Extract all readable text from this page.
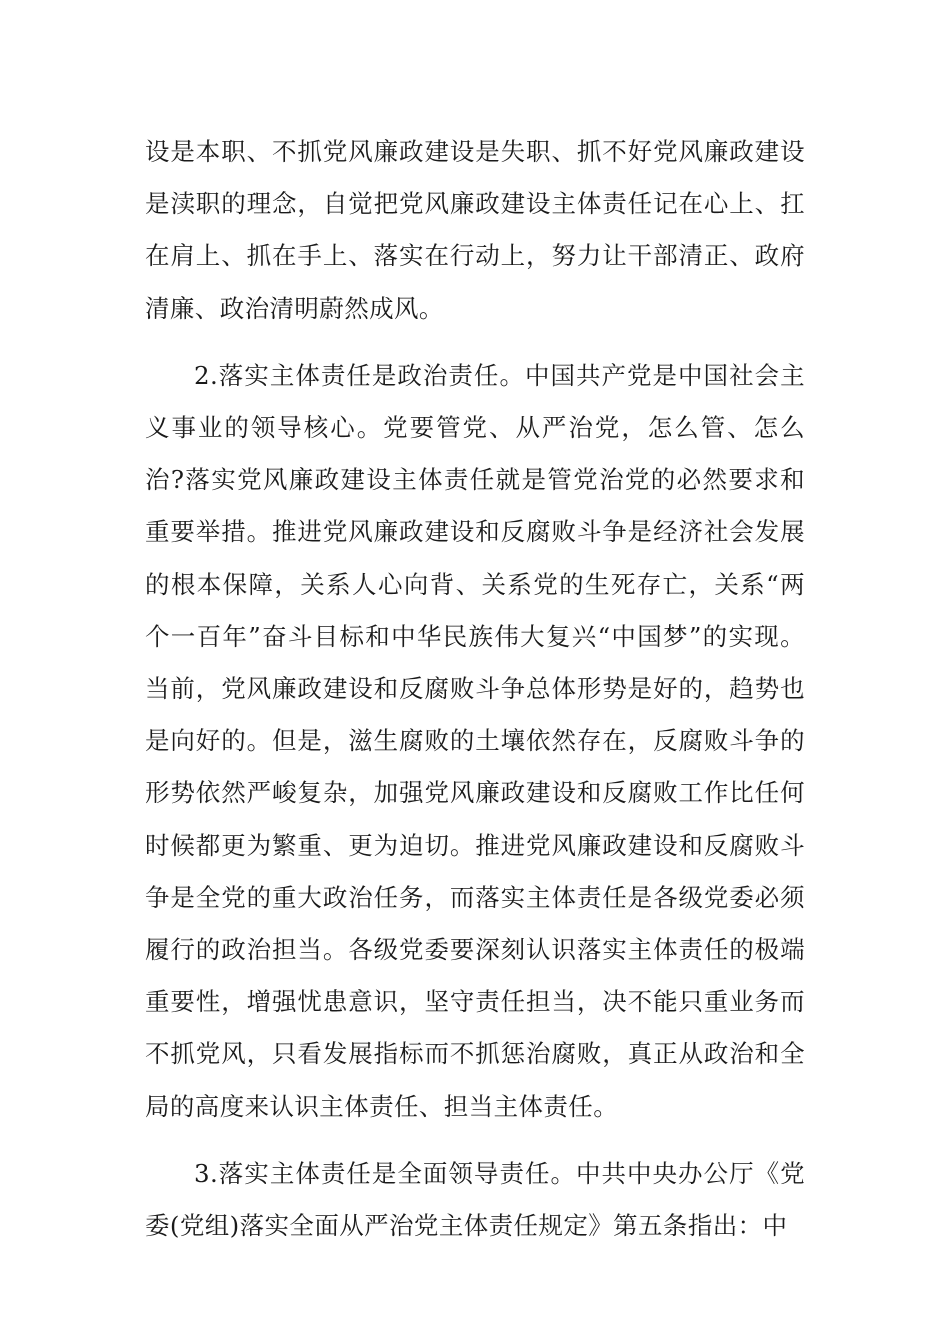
设是本职、不抓党风廉政建设是失职、抓不好党风廉政建设是渎职的理念，自觉把党风廉政建设主体责任记在心上、扛在肩上、抓在手上、落实在行动上，努力让干部清正、政府清廉、政治清明蔚然成风。

2.落实主体责任是政治责任。中国共产党是中国社会主义事业的领导核心。党要管党、从严治党，怎么管、怎么治?落实党风廉政建设主体责任就是管党治党的必然要求和重要举措。推进党风廉政建设和反腐败斗争是经济社会发展的根本保障，关系人心向背、关系党的生死存亡，关系“两个一百年”奋斗目标和中华民族伟大复兴“中国梦”的实现。当前，党风廉政建设和反腐败斗争总体形势是好的，趋势也是向好的。但是，滋生腐败的土壤依然存在，反腐败斗争的形势依然严峻复杂，加强党风廉政建设和反腐败工作比任何时候都更为繁重、更为迫切。推进党风廉政建设和反腐败斗争是全党的重大政治任务，而落实主体责任是各级党委必须履行的政治担当。各级党委要深刻认识落实主体责任的极端重要性，增强忧患意识，坚守责任担当，决不能只重业务而不抓党风，只看发展指标而不抓惩治腐败，真正从政治和全局的高度来认识主体责任、担当主体责任。

3.落实主体责任是全面领导责任。中共中央办公厅《党委(党组)落实全面从严治党主体责任规定》第五条指出：中
